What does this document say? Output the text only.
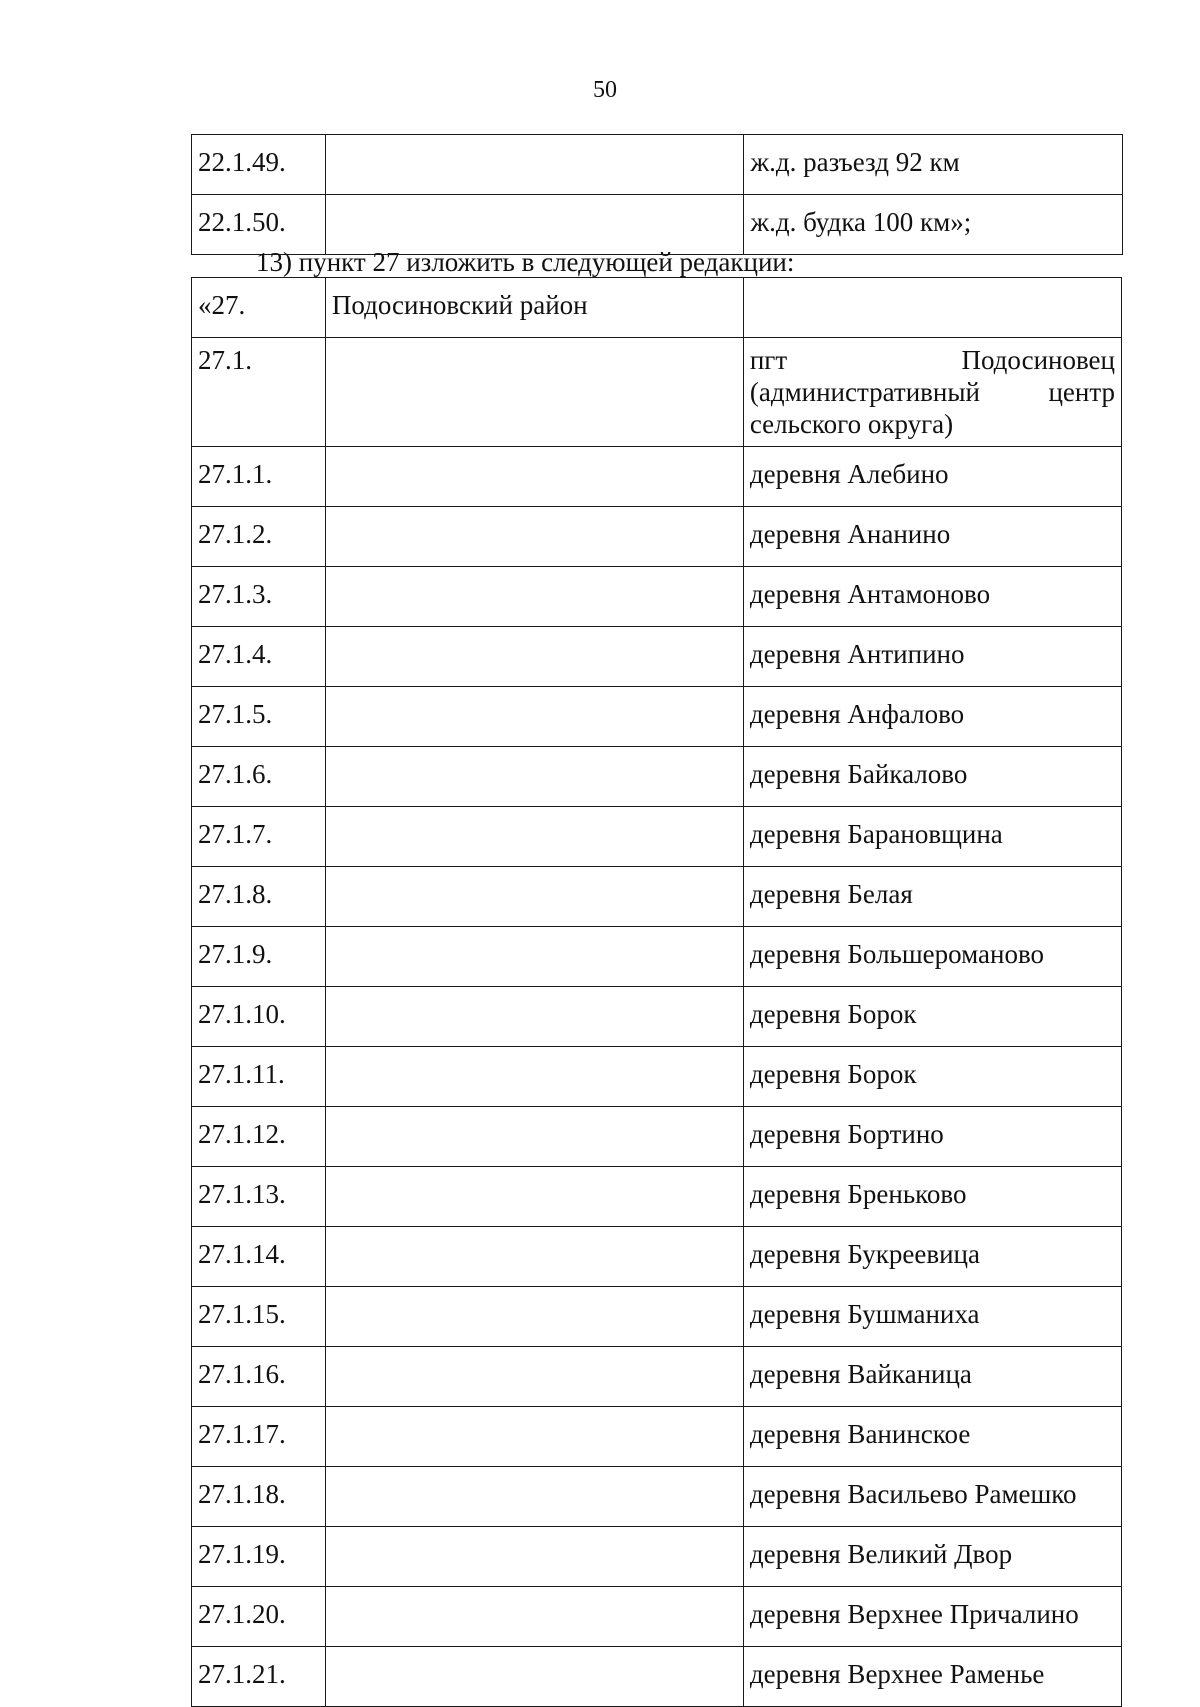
50
22.1.49.		ж.д. разъезд 92 км
22.1.50.		ж.д. будка 100 км»;
13) пункт 27 изложить в следующей редакции:
«27.	Подосиновский район	
27.1.		пгт Подосиновец
(административный центр
сельского округа)

27.1.1.		деревня Алебино
27.1.2.		деревня Ананино
27.1.3.		деревня Антамоново
27.1.4.		деревня Антипино
27.1.5.		деревня Анфалово
27.1.6.		деревня Байкалово
27.1.7.		деревня Барановщина
27.1.8.		деревня Белая
27.1.9.		деревня Большероманово
27.1.10.		деревня Борок
27.1.11.		деревня Борок
27.1.12.		деревня Бортино
27.1.13.		деревня Бреньково
27.1.14.		деревня Букреевица
27.1.15.		деревня Бушманиха
27.1.16.		деревня Вайканица
27.1.17.		деревня Ванинское
27.1.18.		деревня Васильево Рамешко
27.1.19.		деревня Великий Двор
27.1.20.		деревня Верхнее Причалино
27.1.21.		деревня Верхнее Раменье
